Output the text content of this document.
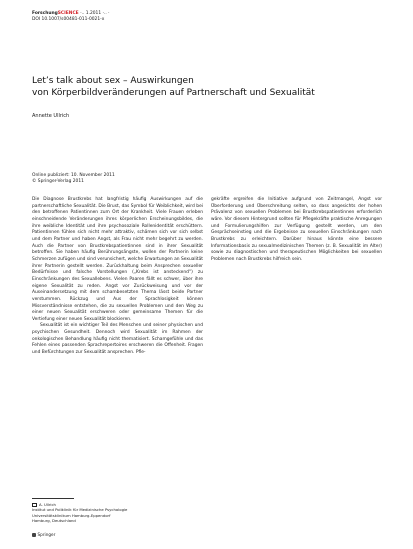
ForschungSCIENCE ·.. 1.2011 ·.. ·
DOI 10.1007/s00481-011-0021-x
Let’s talk about sex – Auswirkungen
von Körperbildveränderungen auf Partnerschaft und Sexualität
Annette Ullrich
Online publiziert: 10. November 2011
© Springer-Verlag 2011

Die Diagnose Brustkrebs hat langfristig häufig Auswirkungen auf die partnerschaftliche Sexualität. Die Brust, das Symbol für Weiblichkeit, wird bei den betroffenen Patientinnen zum Ort der Krankheit. Viele Frauen erleben einschneidende Veränderungen ihres körperlichen Erscheinungsbildes, die ihre weibliche Identität und ihre psychosoziale Rollenidentität erschüttern. Patientinnen fühlen sich nicht mehr attraktiv, schämen sich vor sich selbst und dem Partner und haben Angst, als Frau nicht mehr begehrt zu werden. Auch die Partner von Brustkrebspatientinnen sind in ihrer Sexualität betroffen. Sie haben häufig Berührungsängste, wollen der Partnerin keine Schmerzen zufügen und sind verunsichert, welche Erwartungen an Sexualität ihrer Partnerin gestellt werden. Zurückhaltung beim Ansprechen sexueller Bedürfnisse und falsche Vorstellungen („Krebs ist ansteckend“) zu Einschränkungen des Sexuallebens. Vielen Paaren fällt es schwer, über ihre eigene Sexualität zu reden. Angst vor Zurückweisung und vor der Auseinandersetzung mit dem schambesetzten Thema lässt beide Partner verstummen. Rückzug und Aus der Sprachlosigkeit können Missverständnisse entstehen, die zu sexuellen Problemen und den Weg zu einer neuen Sexualität erschweren oder gemeinsame Themen für die Vertiefung einer neuen Sexualität blockieren.

Sexualität ist ein wichtiger Teil des Menschen und seiner physischen und psychischen Gesundheit. Dennoch wird Sexualität im Rahmen der onkologischen Behandlung häufig nicht thematisiert. Schamgefühle und das Fehlen eines passenden Sprachrepertoires erschweren die Offenheit. Fragen und Befürchtungen zur Sexualität ansprechen. Pfle-

gekräfte ergreifen die Initiative aufgrund von Zeitmangel, Angst vor Überforderung und Überschreitung selten, so dass angesichts der hohen Prävalenz von sexuellen Problemen bei Brustkrebspatientinnen erforderlich wäre. Vor diesem Hintergrund sollten für Pflegekräfte praktische Anregungen und Formulierungshilfen zur Verfügung gestellt werden, um den Gesprächseinstieg und die Ergebnisse zu sexuellen Einschränkungen nach Brustkrebs zu erleichtern. Darüber hinaus könnte eine bessere Informationsbasis zu sexualmedizinischen Themen (z. B. Sexualität im Alter) sowie zu diagnostischen und therapeutischen Möglichkeiten bei sexuellen Problemen nach Brustkrebs hilfreich sein.

A. Ullrich
Institut und Poliklinik für Medizinische Psychologie
Universitätsklinikum Hamburg-Eppendorf
Hamburg, Deutschland
Springer
